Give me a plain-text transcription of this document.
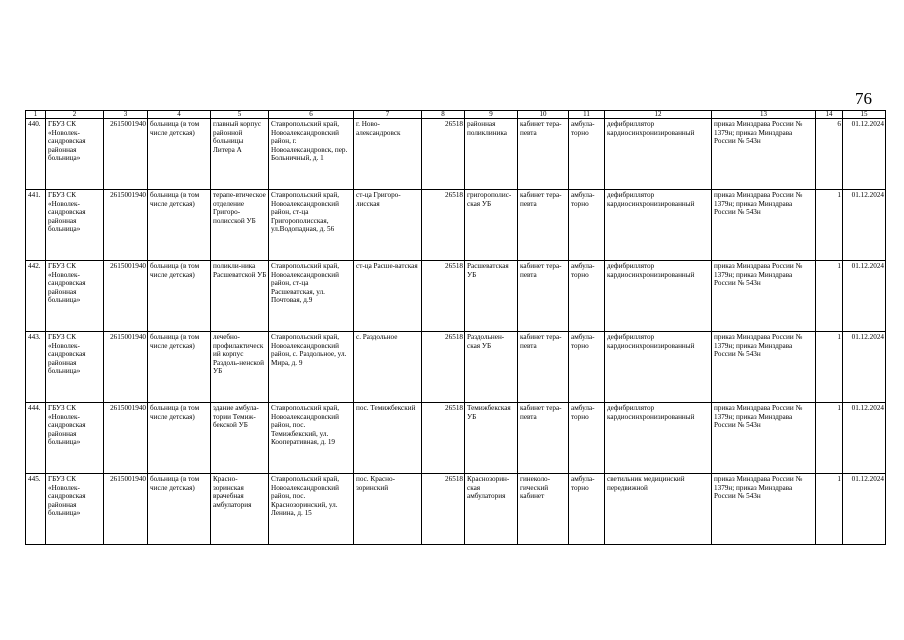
76
1	2	3	4	5	6	7	8	9	10	11	12	13	14	15
440.	ГБУЗ СК «Новолек-сандровская районная больница»	2615001940	больница (в том числе детская)	главный корпус районной больницы Литера А	Ставропольский край, Новоалександровский район, г. Новоалександровск, пер. Больничный, д. 1	г. Ново-александровск	26518	районная поликлиника	кабинет тера-певта	амбула-торно	дефибриллятор кардиосинхронизированный	приказ Минздрава России № 1379н; приказ Минздрава России № 543н	6	01.12.2024
441.	ГБУЗ СК «Новолек-сандровская районная больница»	2615001940	больница (в том числе детская)	терапе-втическое отделение Григоро-полисской УБ	Ставропольский край, Новоалександровский район, ст-ца Григорополисская, ул.Водопадная, д. 56	ст-ца Григоро-лисская	26518	григорополис-ская УБ	кабинет тера-певта	амбула-торно	дефибриллятор кардиосинхронизированный	приказ Минздрава России № 1379н; приказ Минздрава России № 543н	1	01.12.2024
442.	ГБУЗ СК «Новолек-сандровская районная больница»	2615001940	больница (в том числе детская)	поликли-ника Расшеватской УБ	Ставропольский край, Новоалександровский район, ст-ца Расшеватская, ул. Почтовая, д.9	ст-ца Расше-ватская	26518	Расшеватская УБ	кабинет тера-певта	амбула-торно	дефибриллятор кардиосинхронизированный	приказ Минздрава России № 1379н; приказ Минздрава России № 543н	1	01.12.2024
443.	ГБУЗ СК «Новолек-сандровская районная больница»	2615001940	больница (в том числе детская)	лечебно-профилактический корпус Раздоль-ненской УБ	Ставропольский край, Новоалександровский район, с. Раздольное, ул. Мира, д. 9	с. Раздольное	26518	Раздольнен-ская УБ	кабинет тера-певта	амбула-торно	дефибриллятор кардиосинхронизированный	приказ Минздрава России № 1379н; приказ Минздрава России № 543н	1	01.12.2024
444.	ГБУЗ СК «Новолек-сандровская районная больница»	2615001940	больница (в том числе детская)	здание амбула-тории Темиж-бекской УБ	Ставропольский край, Новоалександровский район, пос. Темижбекский, ул. Кооперативная, д. 19	пос. Темижбекский	26518	Темижбекская УБ	кабинет тера-певта	амбула-торно	дефибриллятор кардиосинхронизированный	приказ Минздрава России № 1379н; приказ Минздрава России № 543н	1	01.12.2024
445.	ГБУЗ СК «Новолек-сандровская районная больница»	2615001940	больница (в том числе детская)	Красно-зоринская врачебная амбулатория	Ставропольский край, Новоалександровский район, пос. Краснозоринский, ул. Ленина, д. 15	пос. Красно-зоринский	26518	Краснозорин-ская амбулатория	гинеколо-гический кабинет	амбула-торно	светильник медицинский передвижной	приказ Минздрава России № 1379н; приказ Минздрава России № 543н	1	01.12.2024
